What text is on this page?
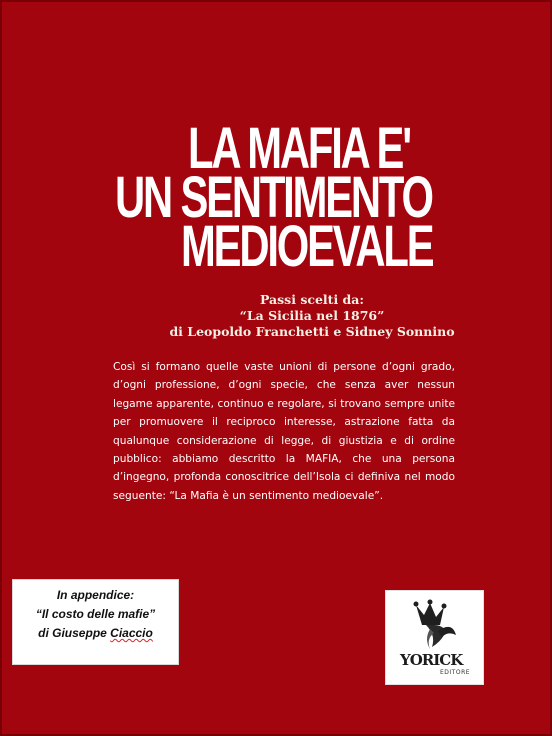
LA MAFIA E'
UN SENTIMENTO
MEDIOEVALE
Passi scelti da:
“La Sicilia nel 1876”
di Leopoldo Franchetti e Sidney Sonnino
Così si formano quelle vaste unioni di persone d’ogni grado, d’ogni professione, d’ogni specie, che senza aver nessun legame apparente, continuo e regolare, si trovano sempre unite per promuovere il reciproco interesse, astrazione fatta da qualunque considerazione di legge, di giustizia e di ordine pubblico: abbiamo descritto la MAFIA, che una persona d’ingegno, profonda conoscitrice dell’Isola ci definiva nel modo seguente: “La Mafia è un sentimento medioevale”.
In appendice:
“Il costo delle mafie”
di Giuseppe Ciaccio
YORICK
EDITORE
